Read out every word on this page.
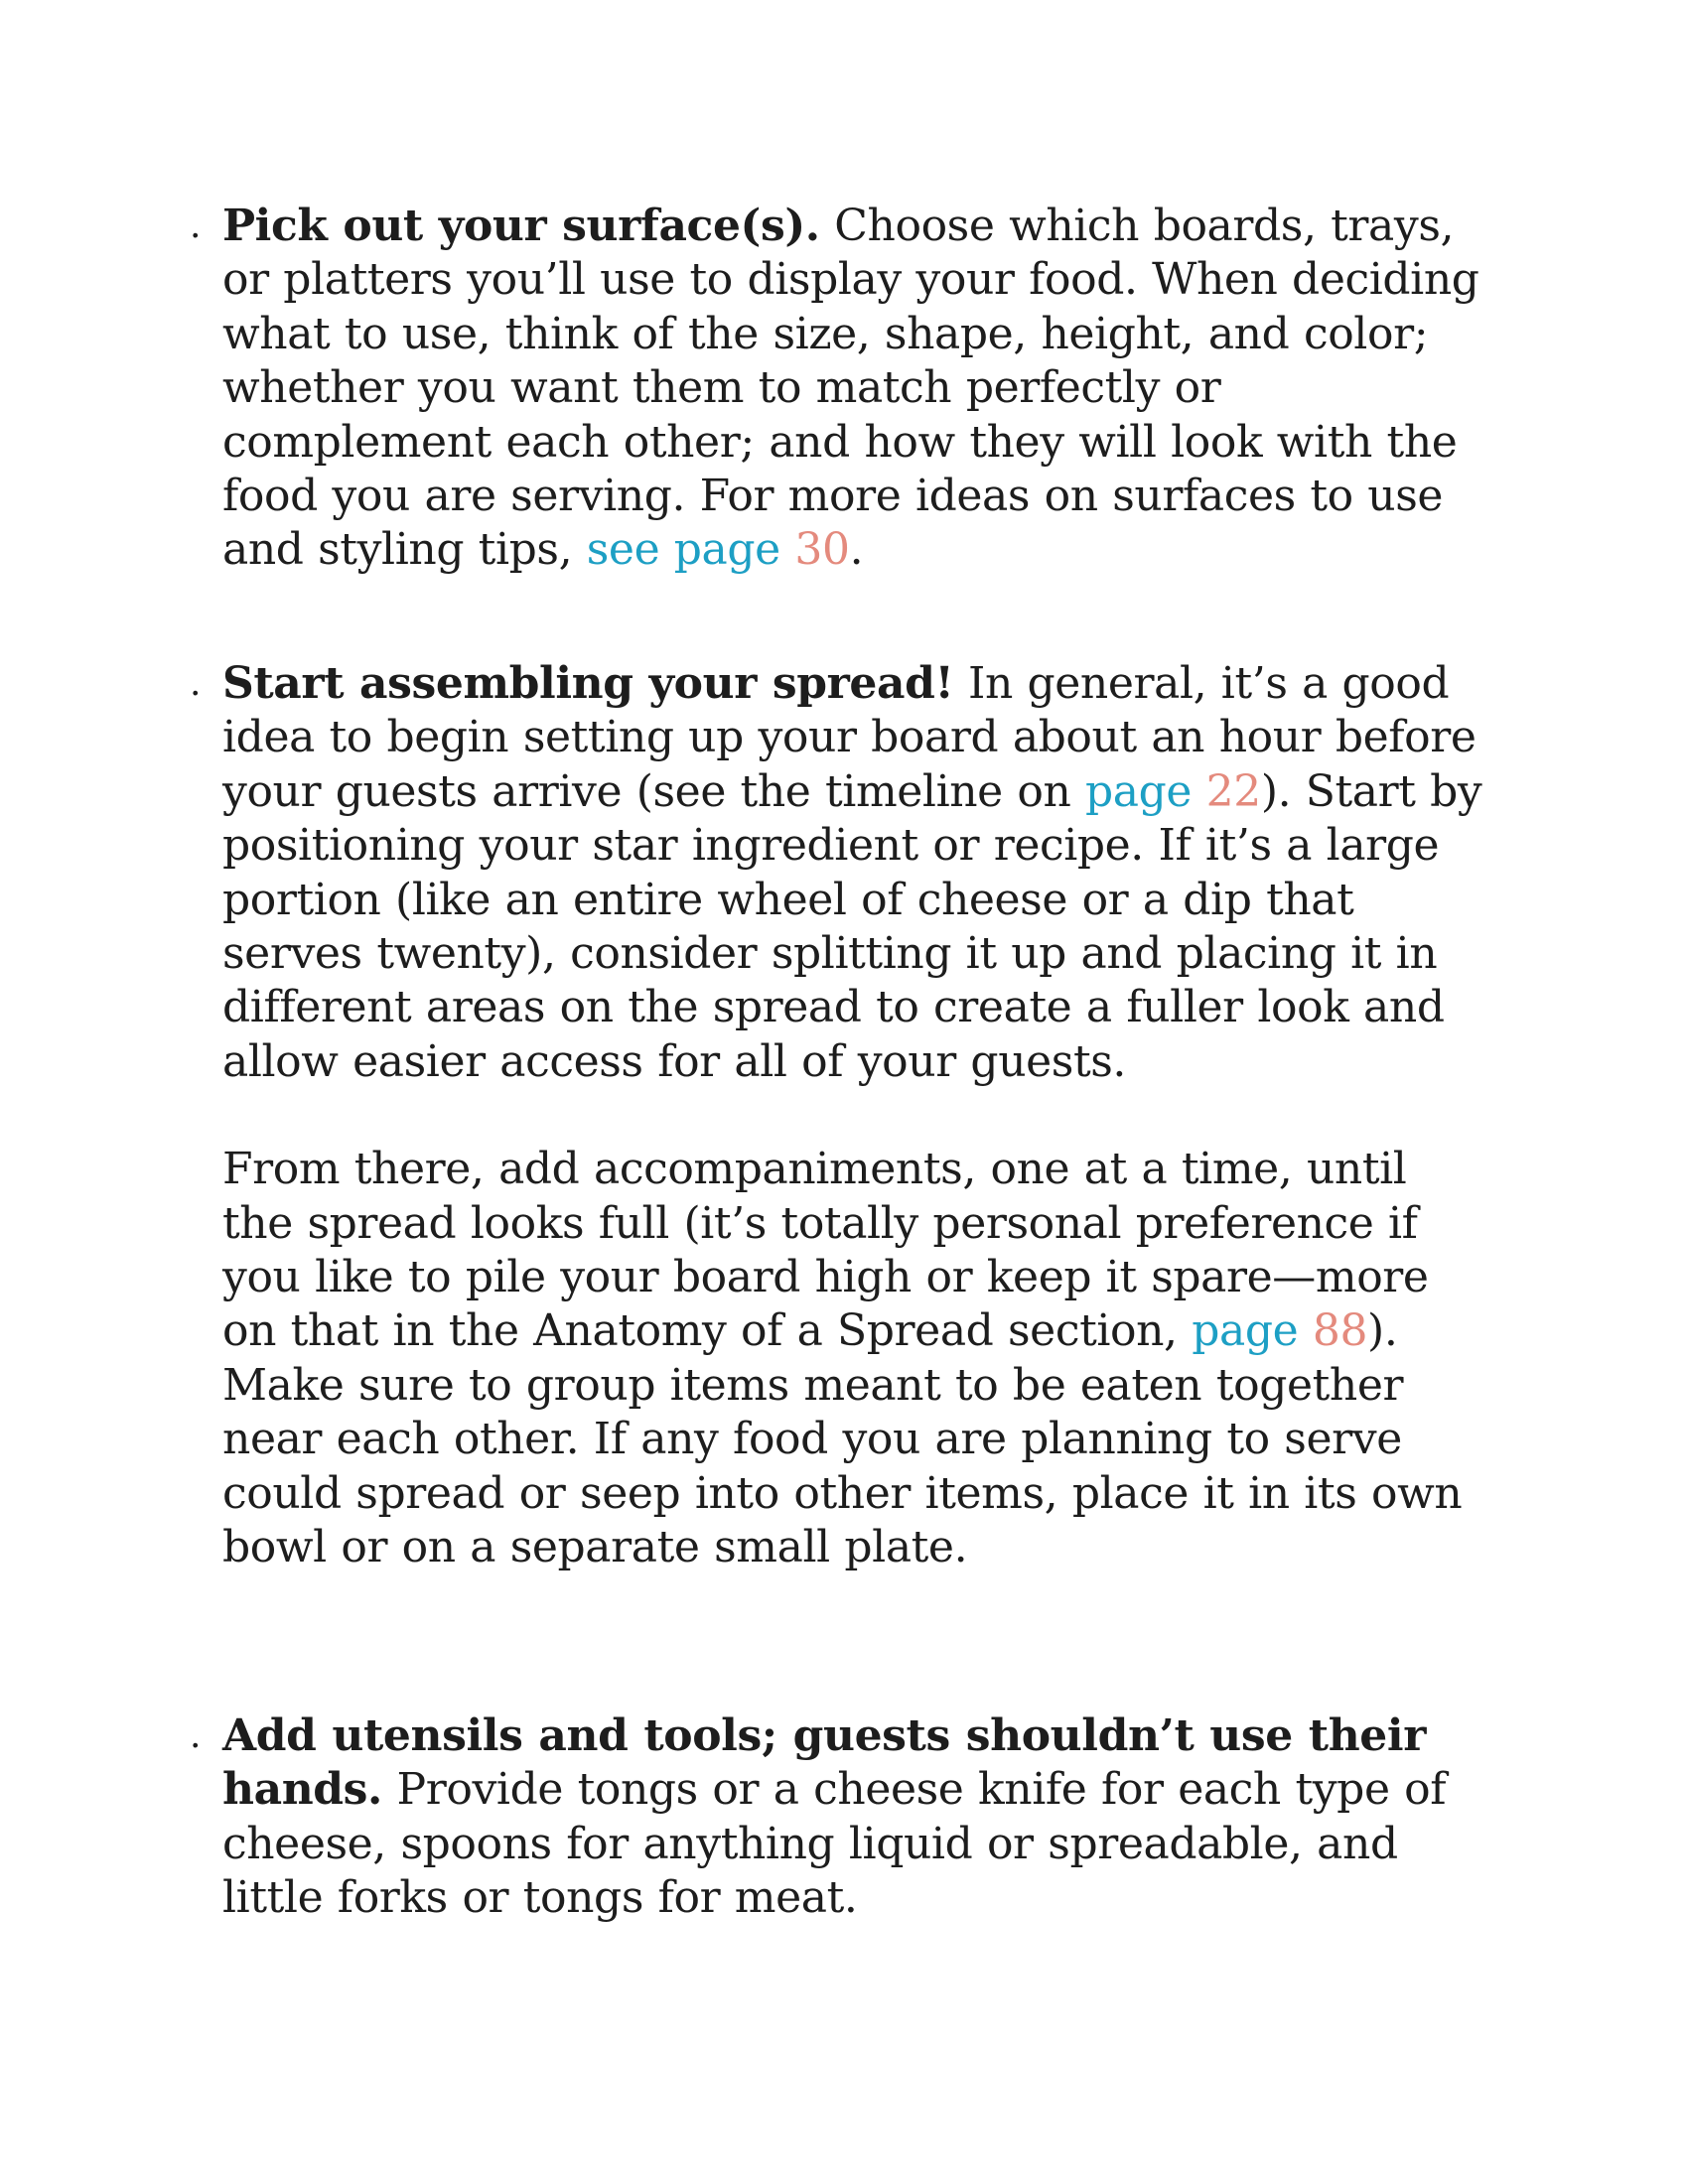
. Pick out your surface(s). Choose which boards, trays, or platters you’ll use to display your food. When deciding what to use, think of the size, shape, height, and color; whether you want them to match perfectly or complement each other; and how they will look with the food you are serving. For more ideas on surfaces to use and styling tips, see page 30.

. Start assembling your spread! In general, it’s a good idea to begin setting up your board about an hour before your guests arrive (see the timeline on page 22). Start by positioning your star ingredient or recipe. If it’s a large portion (like an entire wheel of cheese or a dip that serves twenty), consider splitting it up and placing it in different areas on the spread to create a fuller look and allow easier access for all of your guests.

From there, add accompaniments, one at a time, until the spread looks full (it’s totally personal preference if you like to pile your board high or keep it spare—more on that in the Anatomy of a Spread section, page 88). Make sure to group items meant to be eaten together near each other. If any food you are planning to serve could spread or seep into other items, place it in its own bowl or on a separate small plate.

. Add utensils and tools; guests shouldn’t use their hands. Provide tongs or a cheese knife for each type of cheese, spoons for anything liquid or spreadable, and little forks or tongs for meat.
